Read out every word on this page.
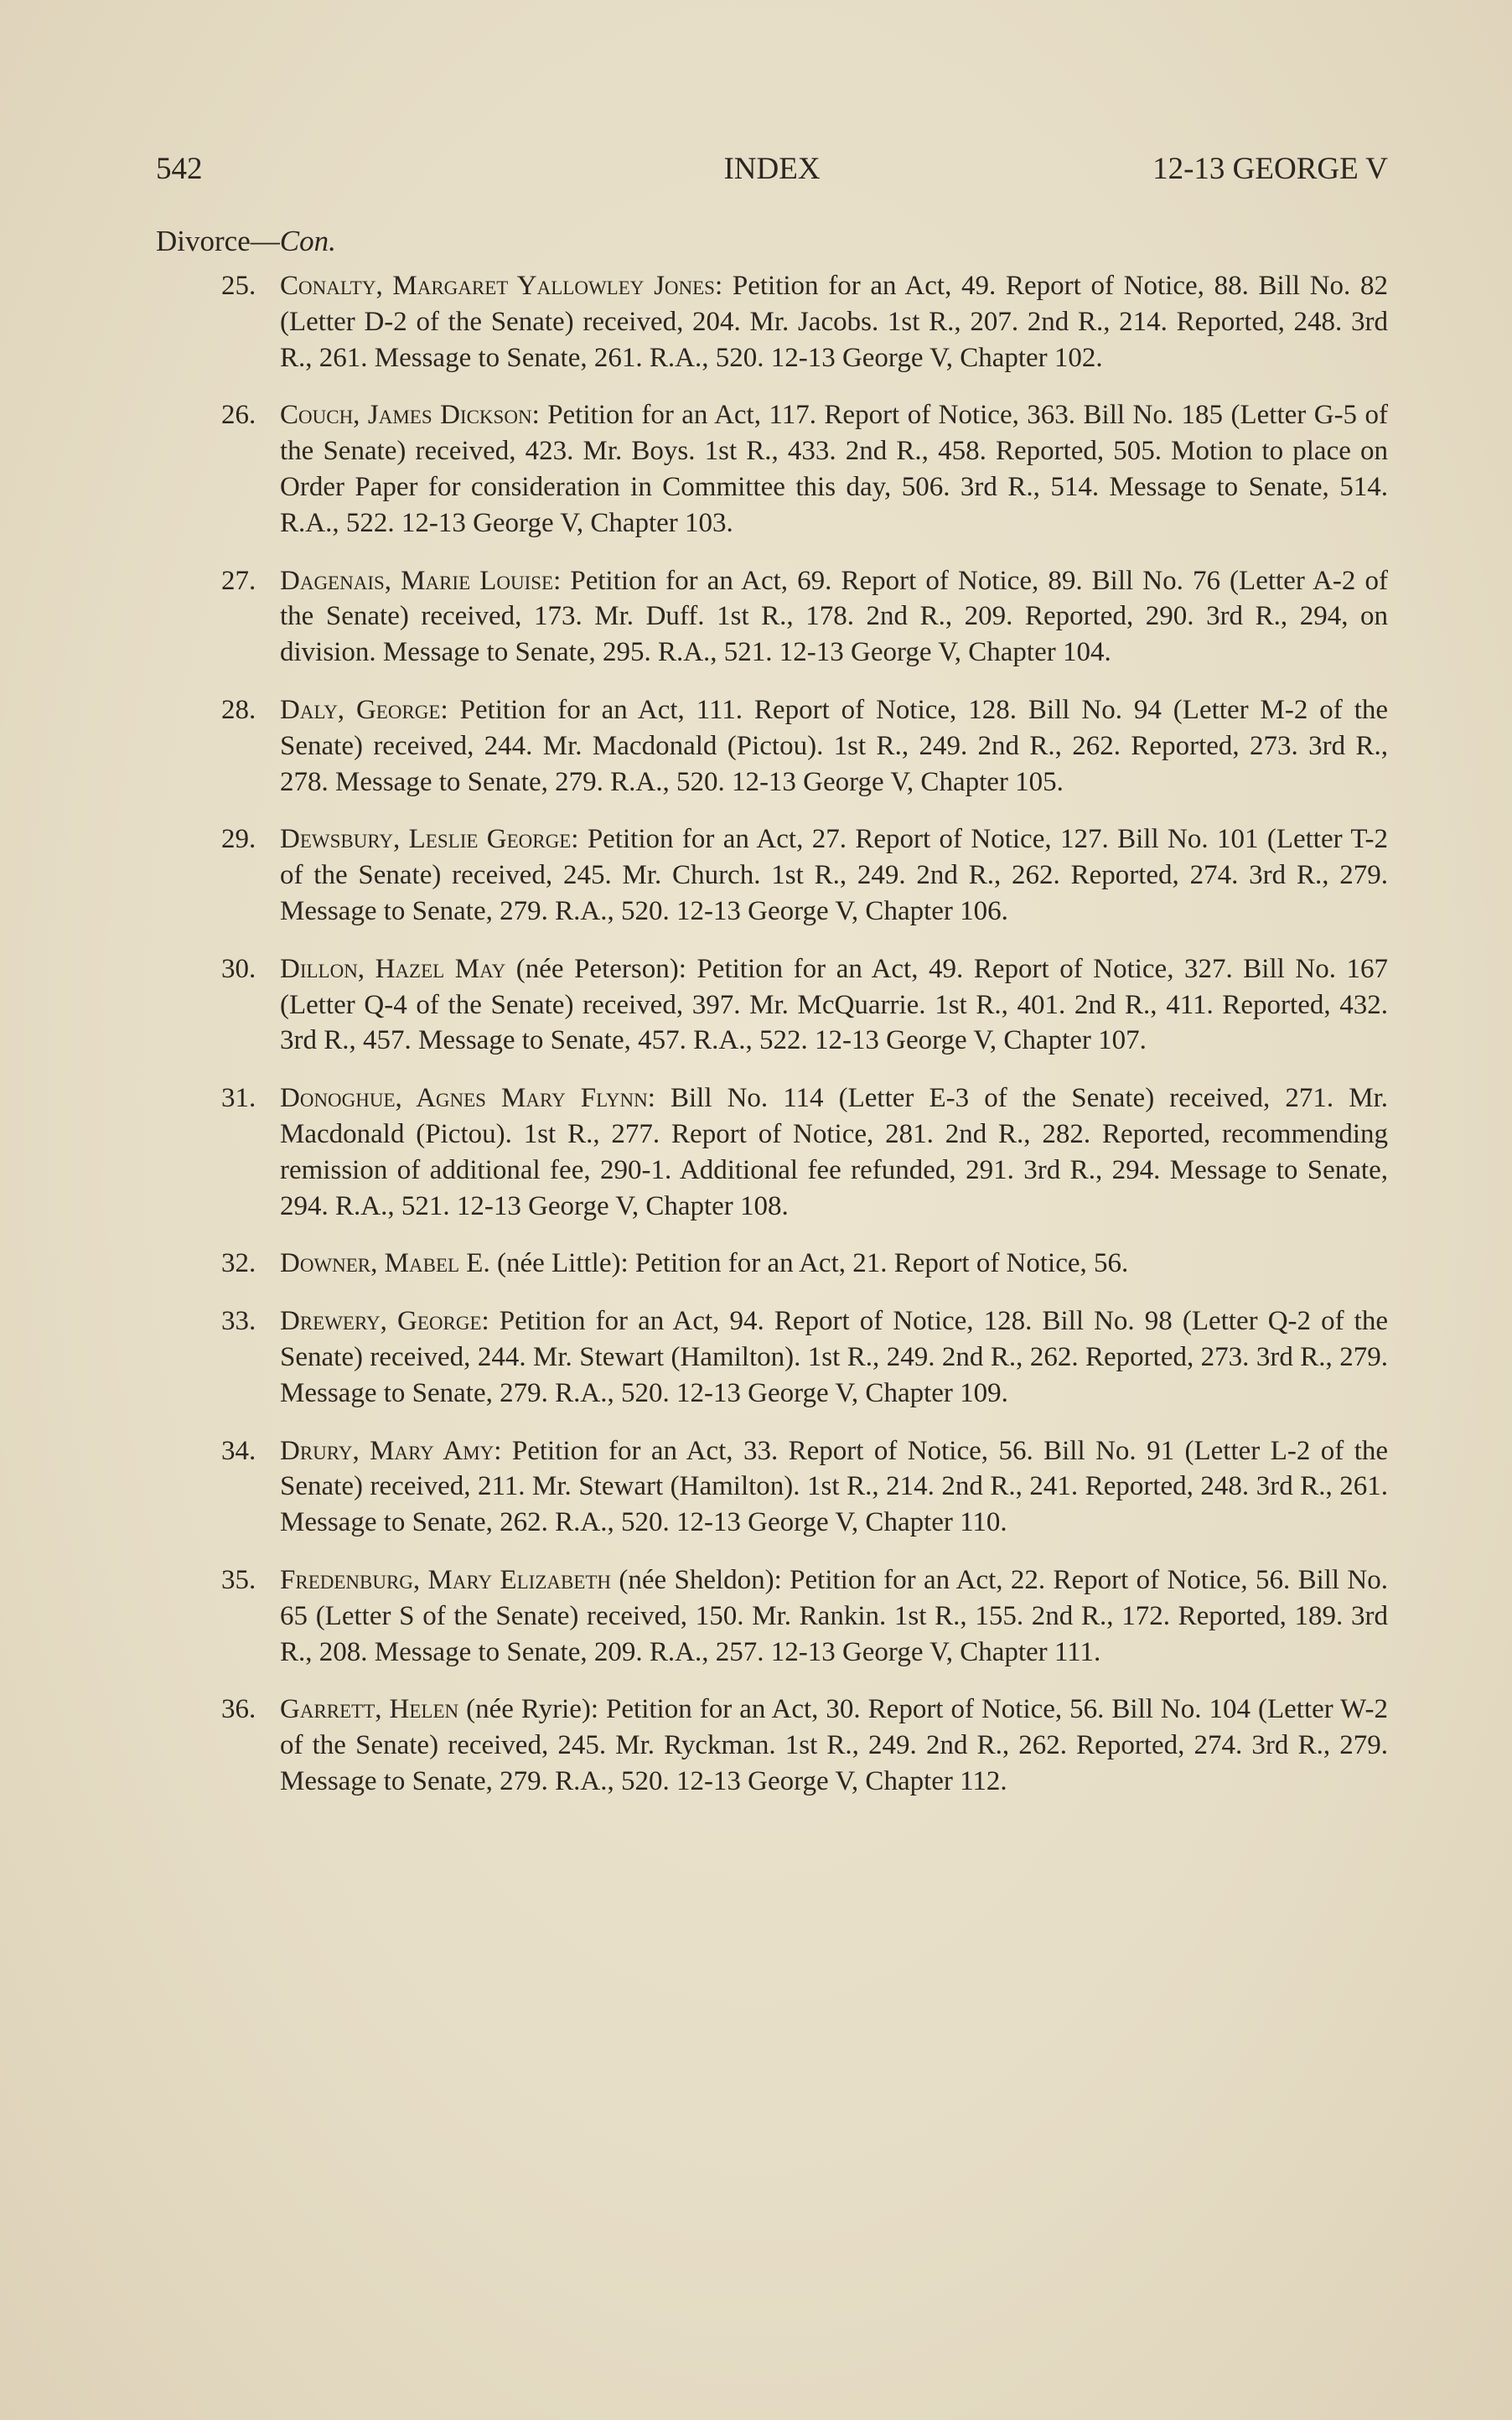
INDEX
542	12-13 GEORGE V
Divorce—Con.
25. Conalty, Margaret Yallowley Jones: Petition for an Act, 49. Report of Notice, 88. Bill No. 82 (Letter D-2 of the Senate) received, 204. Mr. Jacobs. 1st R., 207. 2nd R., 214. Reported, 248. 3rd R., 261. Message to Senate, 261. R.A., 520. 12-13 George V, Chapter 102.
26. Couch, James Dickson: Petition for an Act, 117. Report of Notice, 363. Bill No. 185 (Letter G-5 of the Senate) received, 423. Mr. Boys. 1st R., 433. 2nd R., 458. Reported, 505. Motion to place on Order Paper for consideration in Committee this day, 506. 3rd R., 514. Message to Senate, 514. R.A., 522. 12-13 George V, Chapter 103.
27. Dagenais, Marie Louise: Petition for an Act, 69. Report of Notice, 89. Bill No. 76 (Letter A-2 of the Senate) received, 173. Mr. Duff. 1st R., 178. 2nd R., 209. Reported, 290. 3rd R., 294, on division. Message to Senate, 295. R.A., 521. 12-13 George V, Chapter 104.
28. Daly, George: Petition for an Act, 111. Report of Notice, 128. Bill No. 94 (Letter M-2 of the Senate) received, 244. Mr. Macdonald (Pictou). 1st R., 249. 2nd R., 262. Reported, 273. 3rd R., 278. Message to Senate, 279. R.A., 520. 12-13 George V, Chapter 105.
29. Dewsbury, Leslie George: Petition for an Act, 27. Report of Notice, 127. Bill No. 101 (Letter T-2 of the Senate) received, 245. Mr. Church. 1st R., 249. 2nd R., 262. Reported, 274. 3rd R., 279. Message to Senate, 279. R.A., 520. 12-13 George V, Chapter 106.
30. Dillon, Hazel May (née Peterson): Petition for an Act, 49. Report of Notice, 327. Bill No. 167 (Letter Q-4 of the Senate) received, 397. Mr. McQuarrie. 1st R., 401. 2nd R., 411. Reported, 432. 3rd R., 457. Message to Senate, 457. R.A., 522. 12-13 George V, Chapter 107.
31. Donoghue, Agnes Mary Flynn: Bill No. 114 (Letter E-3 of the Senate) received, 271. Mr. Macdonald (Pictou). 1st R., 277. Report of Notice, 281. 2nd R., 282. Reported, recommending remission of additional fee, 290-1. Additional fee refunded, 291. 3rd R., 294. Message to Senate, 294. R.A., 521. 12-13 George V, Chapter 108.
32. Downer, Mabel E. (née Little): Petition for an Act, 21. Report of Notice, 56.
33. Drewery, George: Petition for an Act, 94. Report of Notice, 128. Bill No. 98 (Letter Q-2 of the Senate) received, 244. Mr. Stewart (Hamilton). 1st R., 249. 2nd R., 262. Reported, 273. 3rd R., 279. Message to Senate, 279. R.A., 520. 12-13 George V, Chapter 109.
34. Drury, Mary Amy: Petition for an Act, 33. Report of Notice, 56. Bill No. 91 (Letter L-2 of the Senate) received, 211. Mr. Stewart (Hamilton). 1st R., 214. 2nd R., 241. Reported, 248. 3rd R., 261. Message to Senate, 262. R.A., 520. 12-13 George V, Chapter 110.
35. Fredenburg, Mary Elizabeth (née Sheldon): Petition for an Act, 22. Report of Notice, 56. Bill No. 65 (Letter S of the Senate) received, 150. Mr. Rankin. 1st R., 155. 2nd R., 172. Reported, 189. 3rd R., 208. Message to Senate, 209. R.A., 257. 12-13 George V, Chapter 111.
36. Garrett, Helen (née Ryrie): Petition for an Act, 30. Report of Notice, 56. Bill No. 104 (Letter W-2 of the Senate) received, 245. Mr. Ryckman. 1st R., 249. 2nd R., 262. Reported, 274. 3rd R., 279. Message to Senate, 279. R.A., 520. 12-13 George V, Chapter 112.
